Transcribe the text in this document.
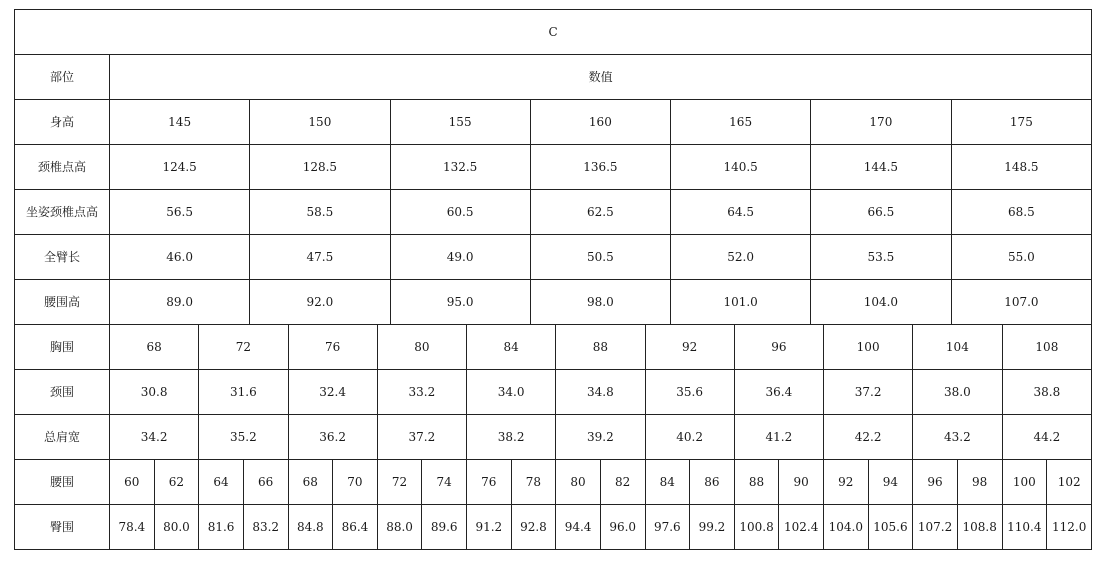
C																												
部位	数值																											
身高	145				150				155				160				165				170				175			
颈椎点高	124.5				128.5				132.5				136.5				140.5				144.5				148.5			
坐姿颈椎点高	56.5				58.5				60.5				62.5				64.5				66.5				68.5			
全臂长	46.0				47.5				49.0				50.5				52.0				53.5				55.0			
腰围高	89.0				92.0				95.0				98.0				101.0				104.0				107.0			
胸围	68		72			76		80			84			88		92			96			100		104			108	
颈围	30.8		31.6			32.4		33.2			34.0			34.8		35.6			36.4			37.2		38.0			38.8	
总肩宽	34.2		35.2			36.2		37.2			38.2			39.2		40.2			41.2			42.2		43.2			44.2	
腰围	60	62	64	66		68	70	72		74	76	78		80	82	84		86	88	90		92	94	96		98	100	102
臀围	78.4	80.0	81.6	83.2		84.8	86.4	88.0		89.6	91.2	92.8		94.4	96.0	97.6		99.2	100.8	102.4		104.0	105.6	107.2		108.8	110.4	112.0
